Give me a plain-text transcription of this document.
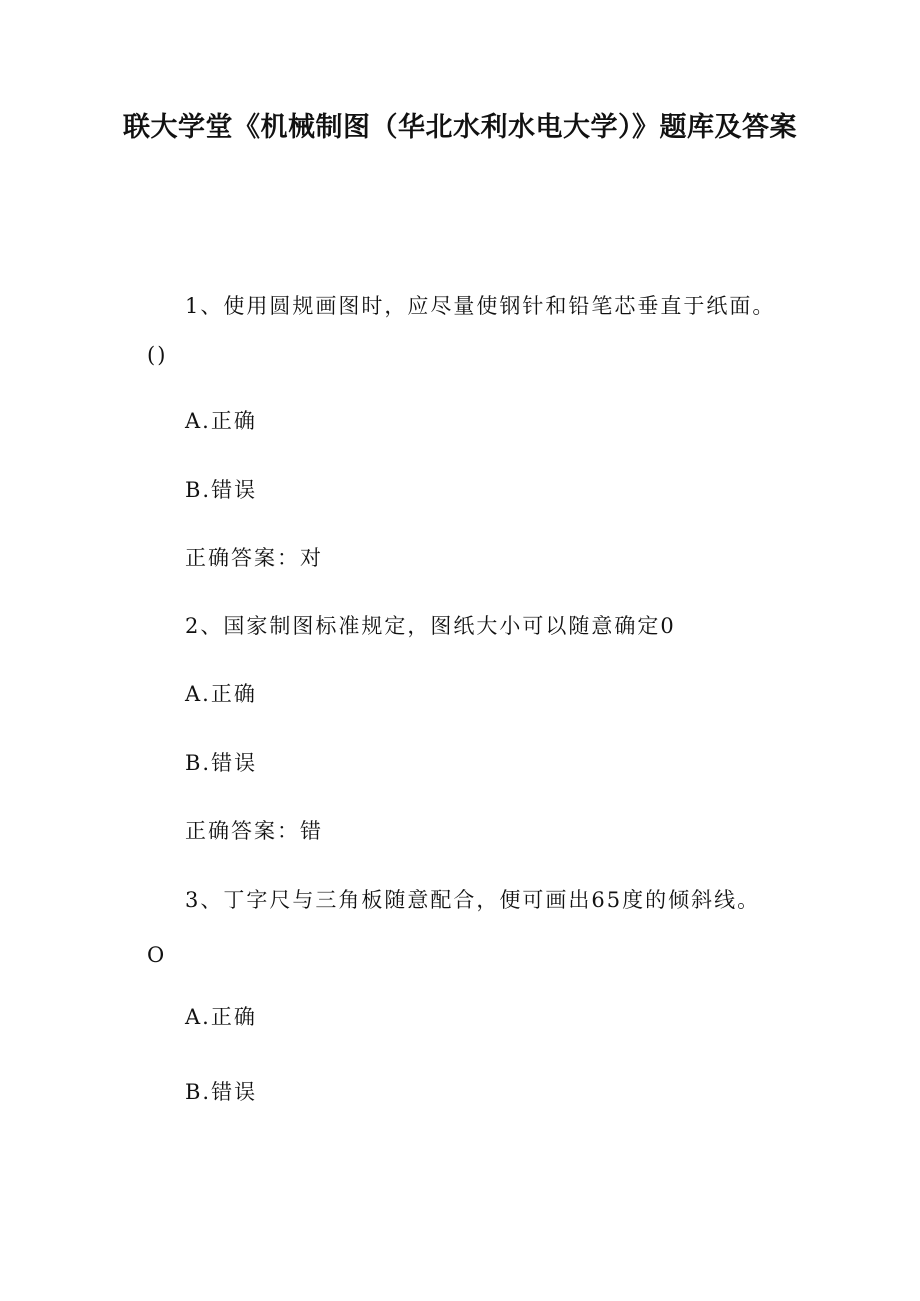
联大学堂《机械制图（华北水利水电大学）》题库及答案

1、使用圆规画图时，应尽量使钢针和铅笔芯垂直于纸面。

()

A.正确

B.错误

正确答案：对

2、国家制图标准规定，图纸大小可以随意确定0

A.正确

B.错误

正确答案：错

3、丁字尺与三角板随意配合，便可画出65度的倾斜线。

O

A.正确

B.错误
